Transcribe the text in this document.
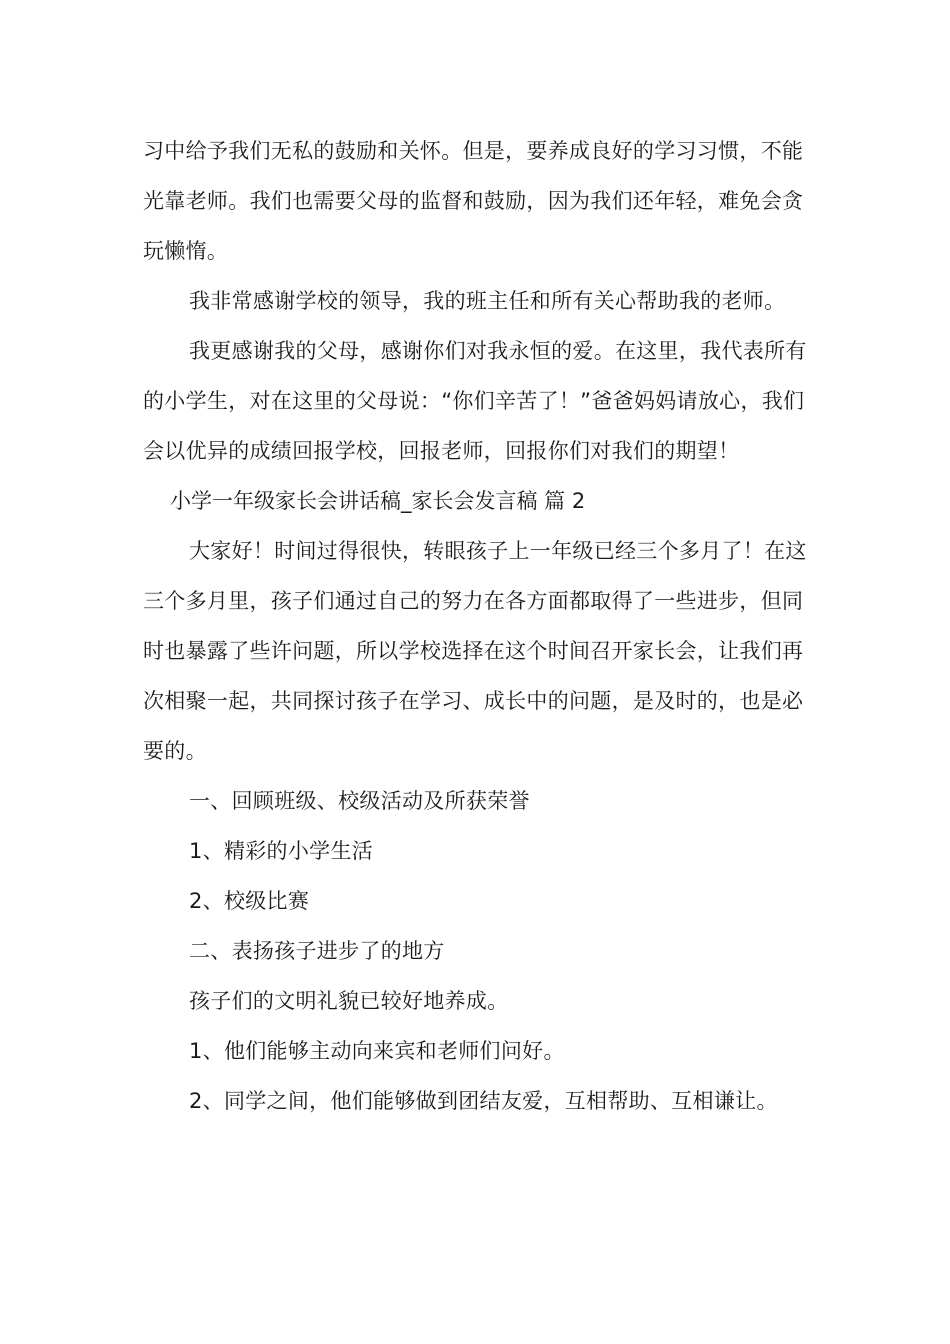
习中给予我们无私的鼓励和关怀。但是，要养成良好的学习习惯，不能光靠老师。我们也需要父母的监督和鼓励，因为我们还年轻，难免会贪玩懒惰。

我非常感谢学校的领导，我的班主任和所有关心帮助我的老师。

我更感谢我的父母，感谢你们对我永恒的爱。在这里，我代表所有的小学生，对在这里的父母说：“你们辛苦了！”爸爸妈妈请放心，我们会以优异的成绩回报学校，回报老师，回报你们对我们的期望！

小学一年级家长会讲话稿_家长会发言稿 篇 2

大家好！时间过得很快，转眼孩子上一年级已经三个多月了！在这三个多月里，孩子们通过自己的努力在各方面都取得了一些进步，但同时也暴露了些许问题，所以学校选择在这个时间召开家长会，让我们再次相聚一起，共同探讨孩子在学习、成长中的问题，是及时的，也是必要的。

一、回顾班级、校级活动及所获荣誉

1、精彩的小学生活

2、校级比赛

二、表扬孩子进步了的地方

孩子们的文明礼貌已较好地养成。

1、他们能够主动向来宾和老师们问好。

2、同学之间，他们能够做到团结友爱，互相帮助、互相谦让。
